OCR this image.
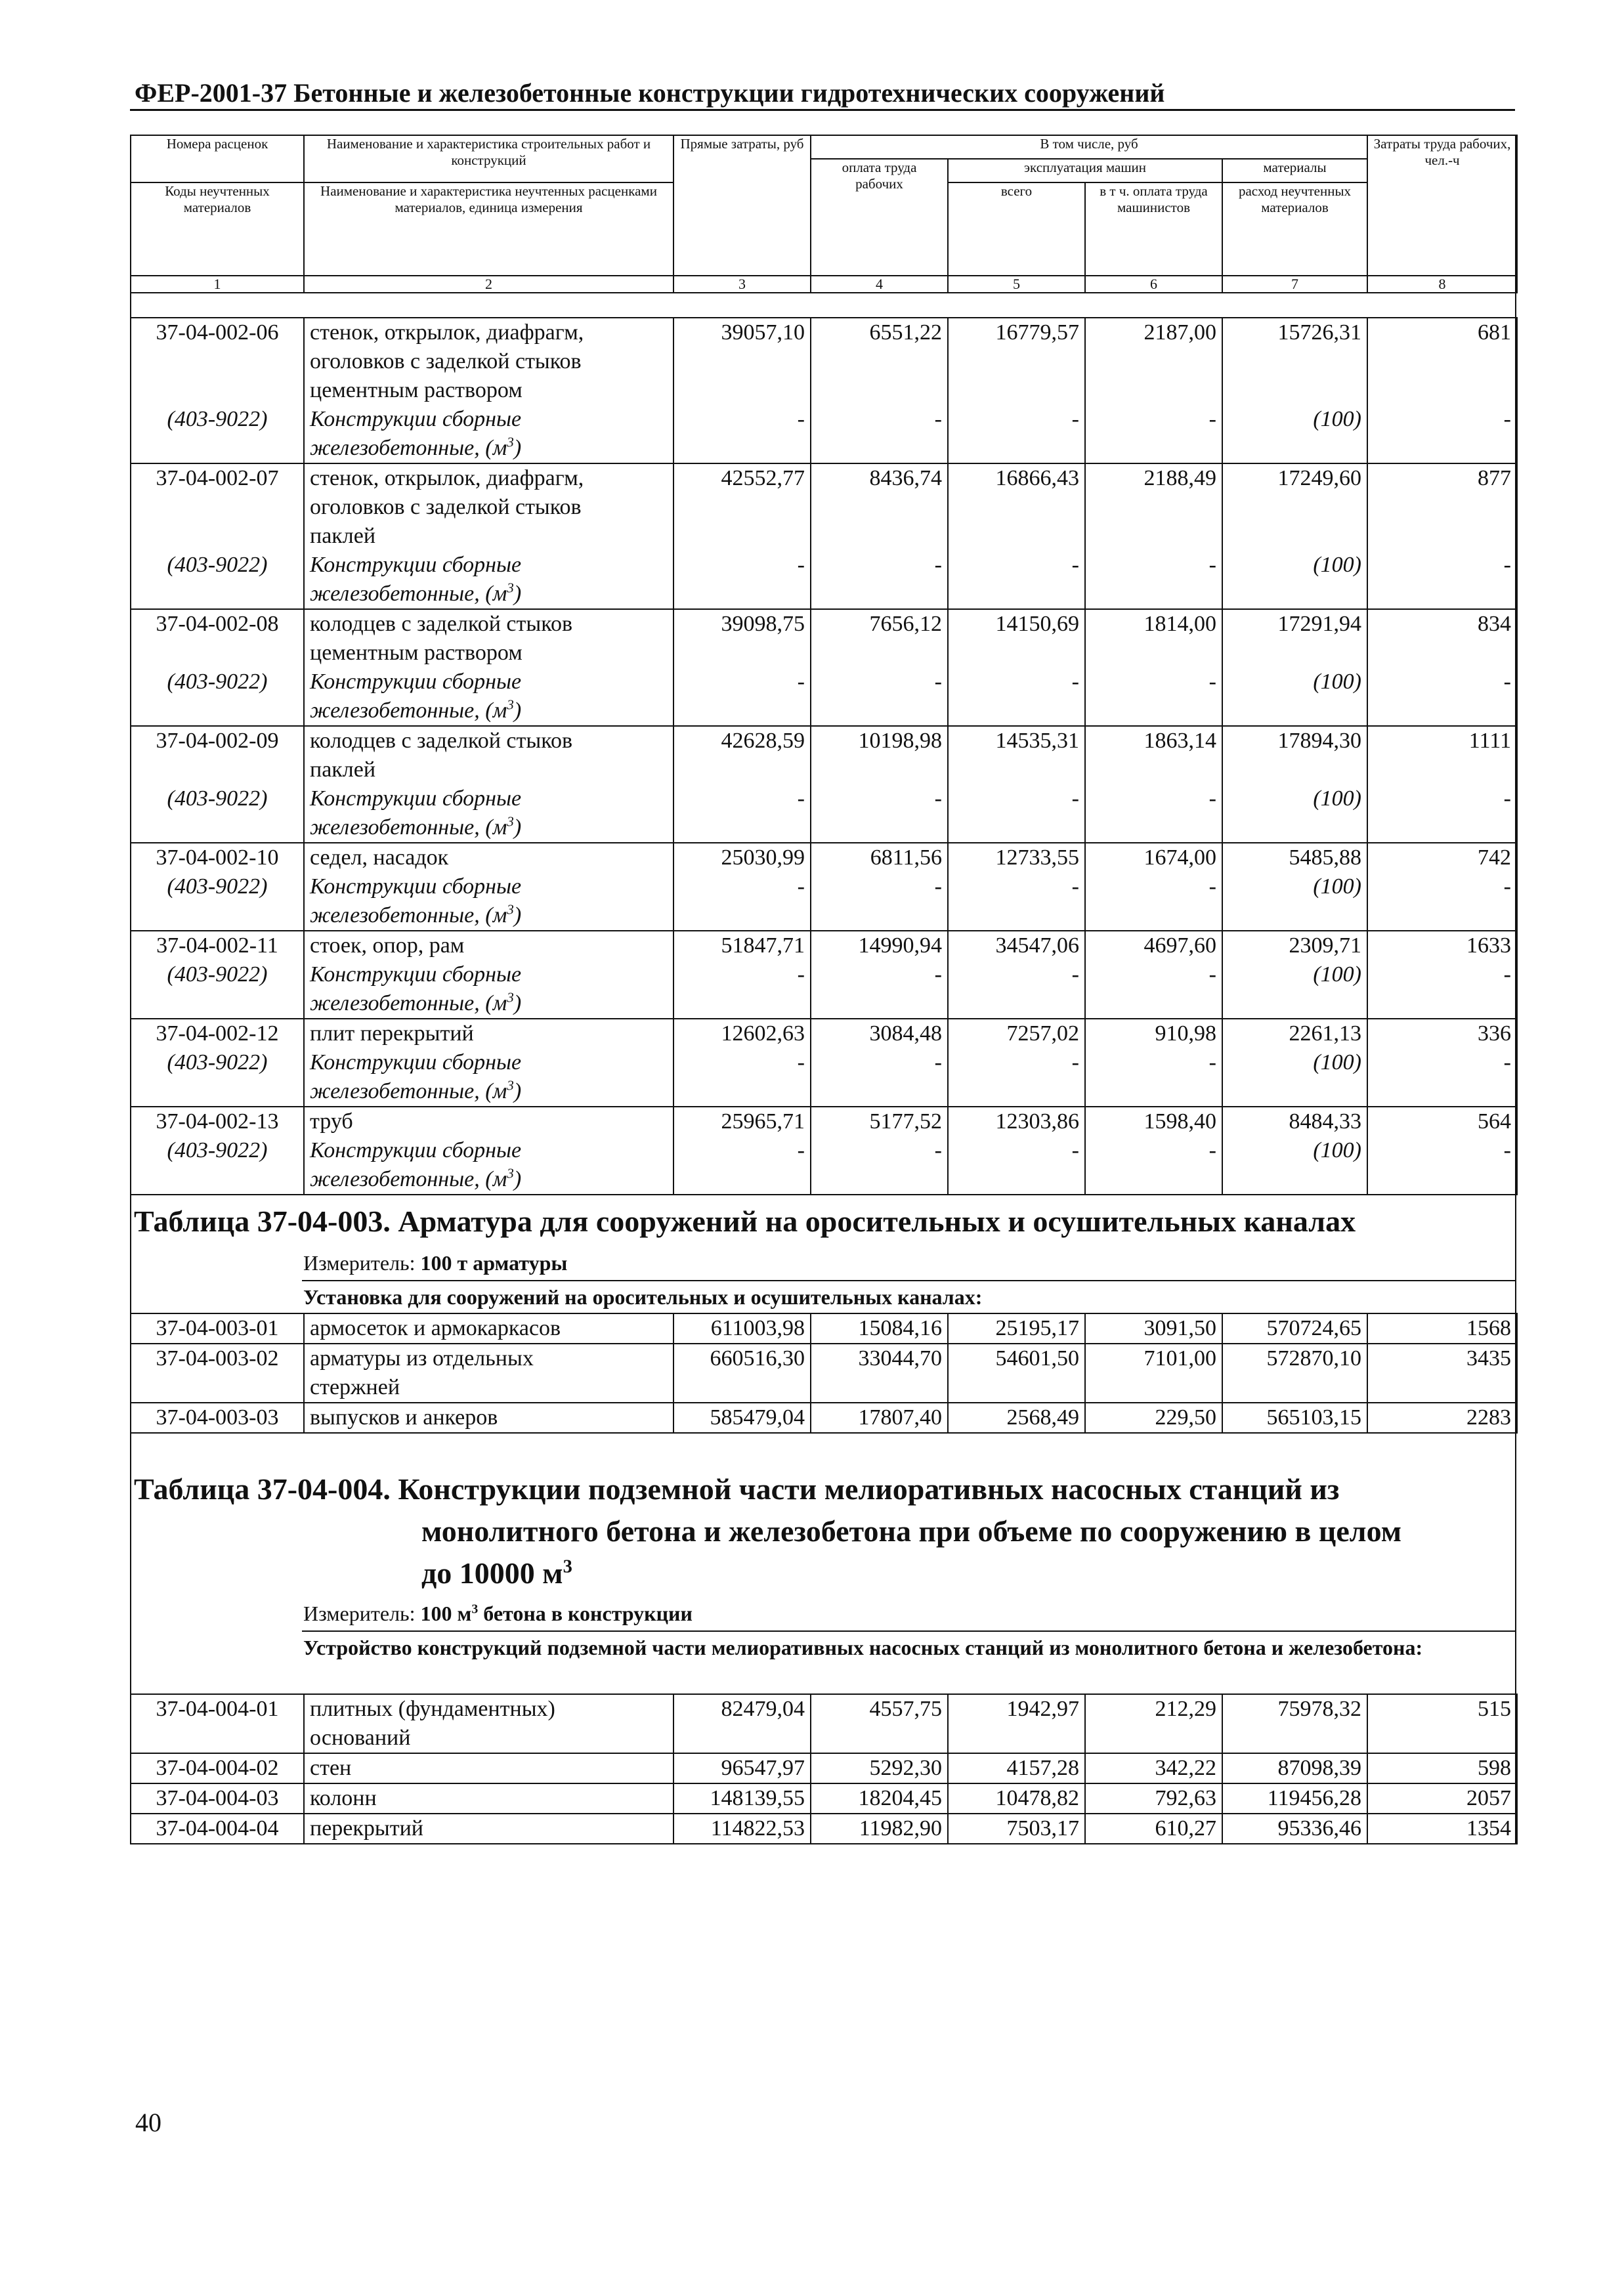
ФЕР-2001-37 Бетонные и железобетонные конструкции гидротехнических сооружений
Номера расценок	Наименование и характеристика строительных работ и конструкций	Прямые затраты, руб	В том числе, руб				Затраты труда рабочих, чел.-ч
			оплата труда рабочих	эксплуатация машин		материалы	
Коды неучтенных материалов	Наименование и характеристика неучтенных расценками материалов, единица измерения			всего	в т ч. оплата труда машинистов	расход неучтенных материалов	

1	2	3	4	5	6	7	8
37-04-002-06	стенок, открылок, диафрагм,
оголовков с заделкой стыков
цементным раствором	39057,10	6551,22	16779,57	2187,00	15726,31	681
(403-9022)	Конструкции сборные
железобетонные, $(м^3)$	-	-	-	-	(100)	-
37-04-002-07	стенок, открылок, диафрагм,
оголовков с заделкой стыков
паклей	42552,77	8436,74	16866,43	2188,49	17249,60	877
(403-9022)	Конструкции сборные
железобетонные, $(м^3)$	-	-	-	-	(100)	-
37-04-002-08	колодцев с заделкой стыков
цементным раствором	39098,75	7656,12	14150,69	1814,00	17291,94	834
(403-9022)	Конструкции сборные
железобетонные, $(м^3)$	-	-	-	-	(100)	-
37-04-002-09	колодцев с заделкой стыков
паклей	42628,59	10198,98	14535,31	1863,14	17894,30	1111
(403-9022)	Конструкции сборные
железобетонные, $(м^3)$	-	-	-	-	(100)	-
37-04-002-10	седел, насадок	25030,99	6811,56	12733,55	1674,00	5485,88	742
(403-9022)	Конструкции сборные
железобетонные, $(м^3)$	-	-	-	-	(100)	-
37-04-002-11	стоек, опор, рам	51847,71	14990,94	34547,06	4697,60	2309,71	1633
(403-9022)	Конструкции сборные
железобетонные, $(м^3)$	-	-	-	-	(100)	-
37-04-002-12	плит перекрытий	12602,63	3084,48	7257,02	910,98	2261,13	336
(403-9022)	Конструкции сборные
железобетонные, $(м^3)$	-	-	-	-	(100)	-
37-04-002-13	труб	25965,71	5177,52	12303,86	1598,40	8484,33	564
(403-9022)	Конструкции сборные
железобетонные, $(м^3)$	-	-	-	-	(100)	-
Таблица 37-04-003. Арматура для сооружений на оросительных и осушительных каналах
Измеритель: 100 т арматуры
Установка для сооружений на оросительных и осушительных каналах:
37-04-003-01	армосеток и армокаркасов	611003,98	15084,16	25195,17	3091,50	570724,65	1568
37-04-003-02	арматуры из отдельных
стержней	660516,30	33044,70	54601,50	7101,00	572870,10	3435
37-04-003-03	выпусков и анкеров	585479,04	17807,40	2568,49	229,50	565103,15	2283
Таблица 37-04-004. Конструкции подземной части мелиоративных насосных станций из
монолитного бетона и железобетона при объеме по сооружению в целом
до 10000 $м^3$
Измеритель: 100 $м^3$ бетона в конструкции
Устройство конструкций подземной части мелиоративных насосных станций из монолитного бетона и железобетона:
37-04-004-01	плитных (фундаментных)
оснований	82479,04	4557,75	1942,97	212,29	75978,32	515
37-04-004-02	стен	96547,97	5292,30	4157,28	342,22	87098,39	598
37-04-004-03	колонн	148139,55	18204,45	10478,82	792,63	119456,28	2057
37-04-004-04	перекрытий	114822,53	11982,90	7503,17	610,27	95336,46	1354
40
